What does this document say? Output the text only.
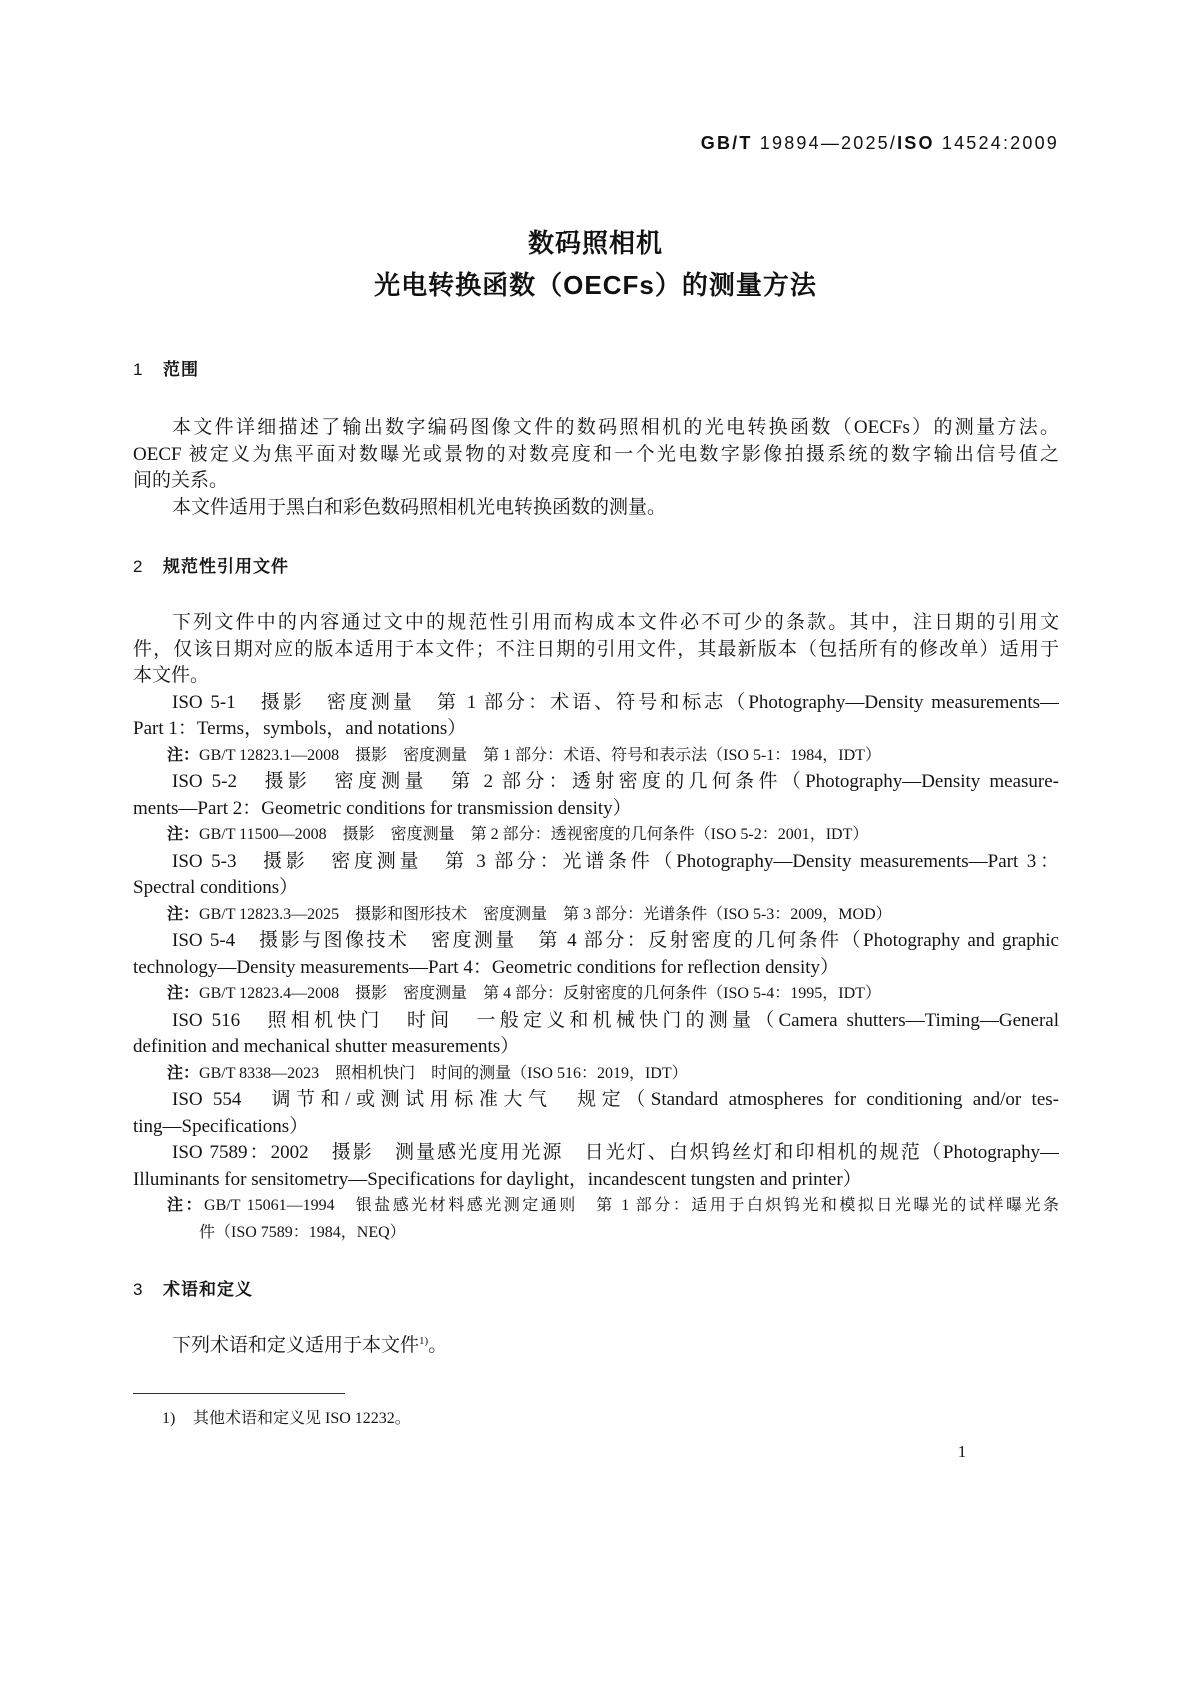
GB/T 19894—2025/ISO 14524:2009
数码照相机
光电转换函数（OECFs）的测量方法
1 范围
本文件详细描述了输出数字编码图像文件的数码照相机的光电转换函数（OECFs）的测量方法。
OECF 被定义为焦平面对数曝光或景物的对数亮度和一个光电数字影像拍摄系统的数字输出信号值之
间的关系。
本文件适用于黑白和彩色数码照相机光电转换函数的测量。
2 规范性引用文件
下列文件中的内容通过文中的规范性引用而构成本文件必不可少的条款。其中，注日期的引用文
件，仅该日期对应的版本适用于本文件；不注日期的引用文件，其最新版本（包括所有的修改单）适用于
本文件。
ISO 5-1　摄影　密度测量　第 1 部分：术语、符号和标志（Photography—Density measurements—
Part 1：Terms，symbols，and notations）
注：GB/T 12823.1—2008　摄影　密度测量　第 1 部分：术语、符号和表示法（ISO 5-1：1984，IDT）
ISO 5-2　摄影　密度测量　第 2 部分：透射密度的几何条件（Photography—Density measure-
ments—Part 2：Geometric conditions for transmission density）
注：GB/T 11500—2008　摄影　密度测量　第 2 部分：透视密度的几何条件（ISO 5-2：2001，IDT）
ISO 5-3　摄影　密度测量　第 3 部分：光谱条件（Photography—Density measurements—Part 3：
Spectral conditions）
注：GB/T 12823.3—2025　摄影和图形技术　密度测量　第 3 部分：光谱条件（ISO 5-3：2009，MOD）
ISO 5-4　摄影与图像技术　密度测量　第 4 部分：反射密度的几何条件（Photography and graphic
technology—Density measurements—Part 4：Geometric conditions for reflection density）
注：GB/T 12823.4—2008　摄影　密度测量　第 4 部分：反射密度的几何条件（ISO 5-4：1995，IDT）
ISO 516　照相机快门　时间　一般定义和机械快门的测量（Camera shutters—Timing—General
definition and mechanical shutter measurements）
注：GB/T 8338—2023　照相机快门　时间的测量（ISO 516：2019，IDT）
ISO 554　调节和/或测试用标准大气　规定（Standard atmospheres for conditioning and/or tes-
ting—Specifications）
ISO 7589：2002　摄影　测量感光度用光源　日光灯、白炽钨丝灯和印相机的规范（Photography—
Illuminants for sensitometry—Specifications for daylight，incandescent tungsten and printer）
注：GB/T 15061—1994　银盐感光材料感光测定通则　第 1 部分：适用于白炽钨光和模拟日光曝光的试样曝光条
件（ISO 7589：1984，NEQ）
3 术语和定义
下列术语和定义适用于本文件$^{1)}$。
1) 其他术语和定义见 ISO 12232。
1
